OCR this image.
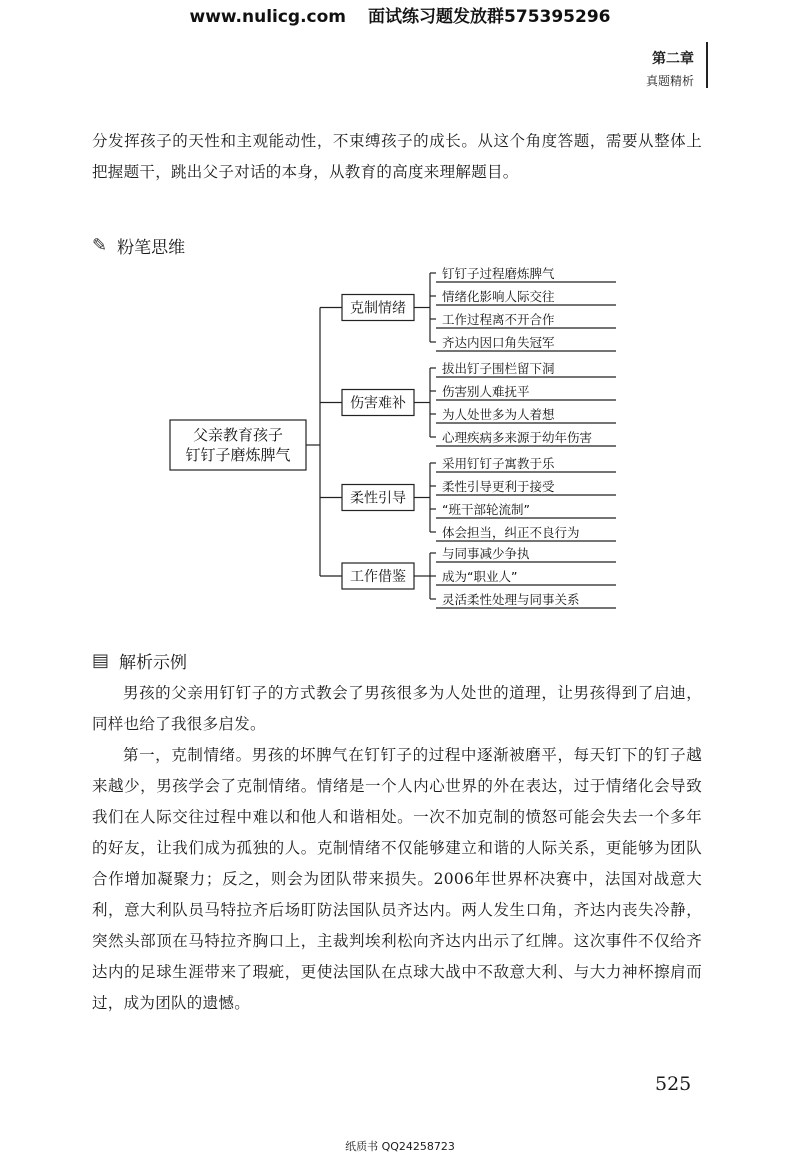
www.nulicg.com 面试练习题发放群575395296
第二章
真题精析
分发挥孩子的天性和主观能动性，不束缚孩子的成长。从这个角度答题，需要从整体上把握题干，跳出父子对话的本身，从教育的高度来理解题目。
✎ 粉笔思维
父亲教育孩子
钉钉子磨炼脾气
克制情绪
钉钉子过程磨炼脾气
情绪化影响人际交往
工作过程离不开合作
齐达内因口角失冠军
伤害难补
拔出钉子围栏留下洞
伤害别人难抚平
为人处世多为人着想
心理疾病多来源于幼年伤害
柔性引导
采用钉钉子寓教于乐
柔性引导更利于接受
“班干部轮流制”
体会担当，纠正不良行为
工作借鉴
与同事减少争执
成为“职业人”
灵活柔性处理与同事关系
▤ 解析示例

男孩的父亲用钉钉子的方式教会了男孩很多为人处世的道理，让男孩得到了启迪，同样也给了我很多启发。

第一，克制情绪。男孩的坏脾气在钉钉子的过程中逐渐被磨平，每天钉下的钉子越来越少，男孩学会了克制情绪。情绪是一个人内心世界的外在表达，过于情绪化会导致我们在人际交往过程中难以和他人和谐相处。一次不加克制的愤怒可能会失去一个多年的好友，让我们成为孤独的人。克制情绪不仅能够建立和谐的人际关系，更能够为团队合作增加凝聚力；反之，则会为团队带来损失。2006年世界杯决赛中，法国对战意大利，意大利队员马特拉齐后场盯防法国队员齐达内。两人发生口角，齐达内丧失冷静，突然头部顶在马特拉齐胸口上，主裁判埃利松向齐达内出示了红牌。这次事件不仅给齐达内的足球生涯带来了瑕疵，更使法国队在点球大战中不敌意大利、与大力神杯擦肩而过，成为团队的遗憾。

525
纸质书 QQ24258723
